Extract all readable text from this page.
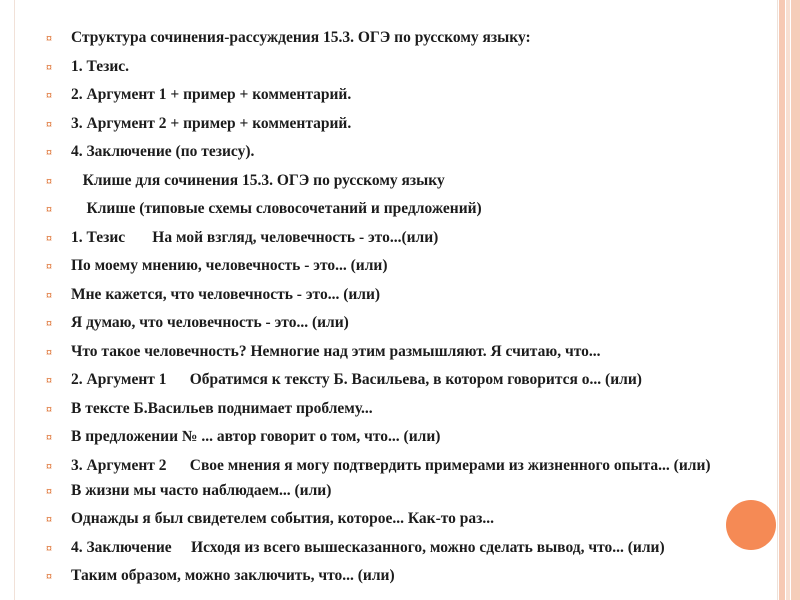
¤ Структура сочинения-рассуждения 15.3. ОГЭ по русскому языку:
¤ 1. Тезис.
¤ 2. Аргумент 1 + пример + комментарий.
¤ 3. Аргумент 2 + пример + комментарий.
¤ 4. Заключение (по тезису).
¤ Клише для сочинения 15.3. ОГЭ по русскому языку
¤ Клише (типовые схемы словосочетаний и предложений)
¤ 1. Тезис       На мой взгляд, человечность - это...(или)
¤ По моему мнению, человечность - это... (или)
¤ Мне кажется, что человечность - это... (или)
¤ Я думаю, что человечность - это... (или)
¤ Что такое человечность? Немногие над этим размышляют. Я считаю, что...
¤ 2. Аргумент 1      Обратимся к тексту Б. Васильева, в котором говорится о... (или)
¤ В тексте Б.Васильев поднимает проблему...
¤ В предложении № ... автор говорит о том, что... (или)
¤ 3. Аргумент 2      Свое мнения я могу подтвердить примерами из жизненного опыта... (или)
¤ В жизни мы часто наблюдаем... (или)
¤ Однажды я был свидетелем события, которое... Как-то раз...
¤ 4. Заключение     Исходя из всего вышесказанного, можно сделать вывод, что... (или)
¤ Таким образом, можно заключить, что... (или)
